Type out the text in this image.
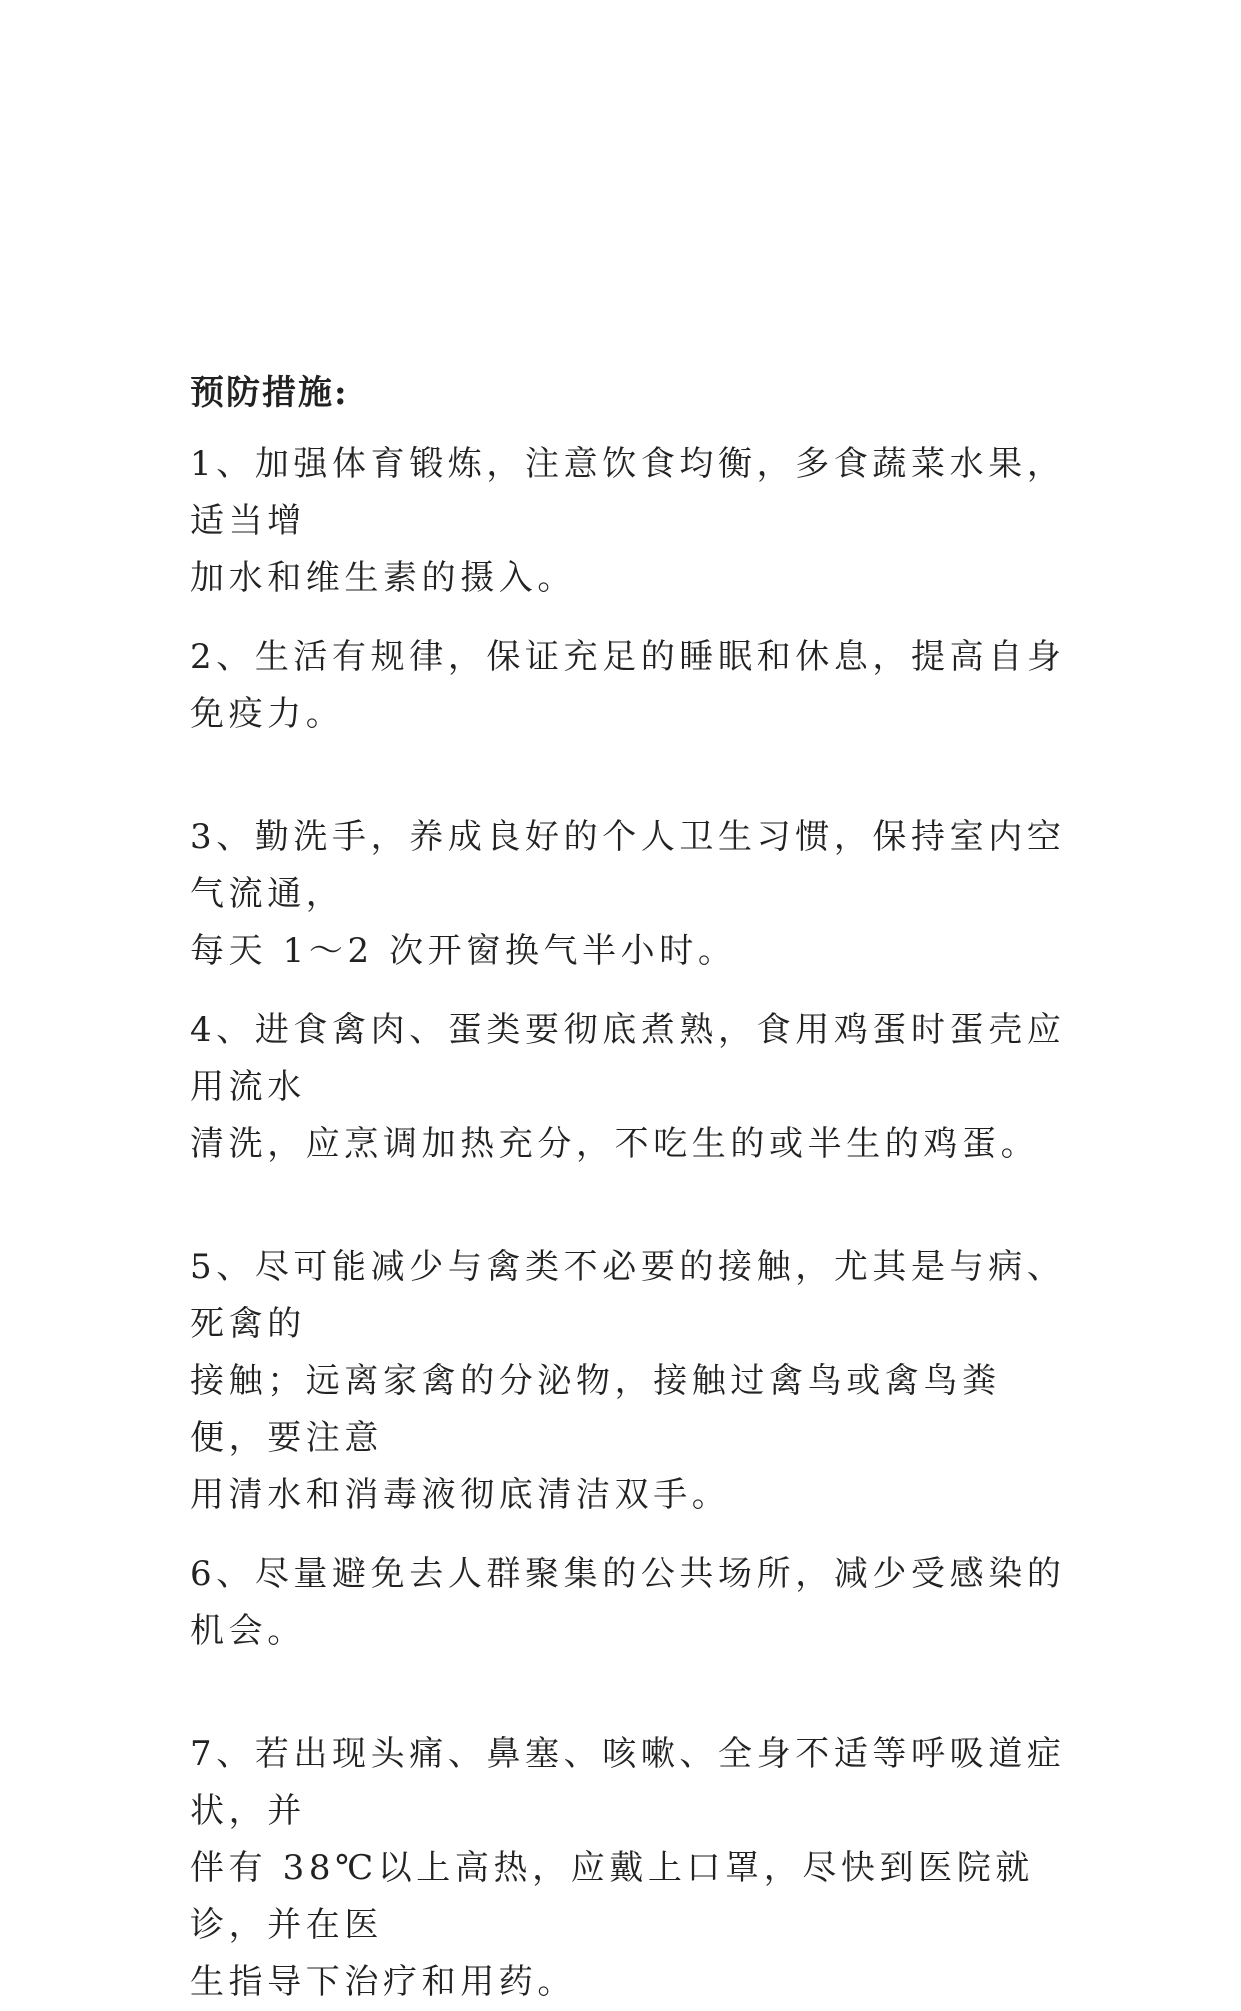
预防措施:

1、加强体育锻炼，注意饮食均衡，多食蔬菜水果，适当增
加水和维生素的摄入。

2、生活有规律，保证充足的睡眠和休息，提高自身免疫力。

3、勤洗手，养成良好的个人卫生习惯，保持室内空气流通，
每天 1～2 次开窗换气半小时。

4、进食禽肉、蛋类要彻底煮熟，食用鸡蛋时蛋壳应用流水
清洗，应烹调加热充分，不吃生的或半生的鸡蛋。

5、尽可能减少与禽类不必要的接触，尤其是与病、死禽的
接触；远离家禽的分泌物，接触过禽鸟或禽鸟粪便，要注意
用清水和消毒液彻底清洁双手。

6、尽量避免去人群聚集的公共场所，减少受感染的机会。

7、若出现头痛、鼻塞、咳嗽、全身不适等呼吸道症状，并
伴有 38℃以上高热，应戴上口罩，尽快到医院就诊，并在医
生指导下治疗和用药。
